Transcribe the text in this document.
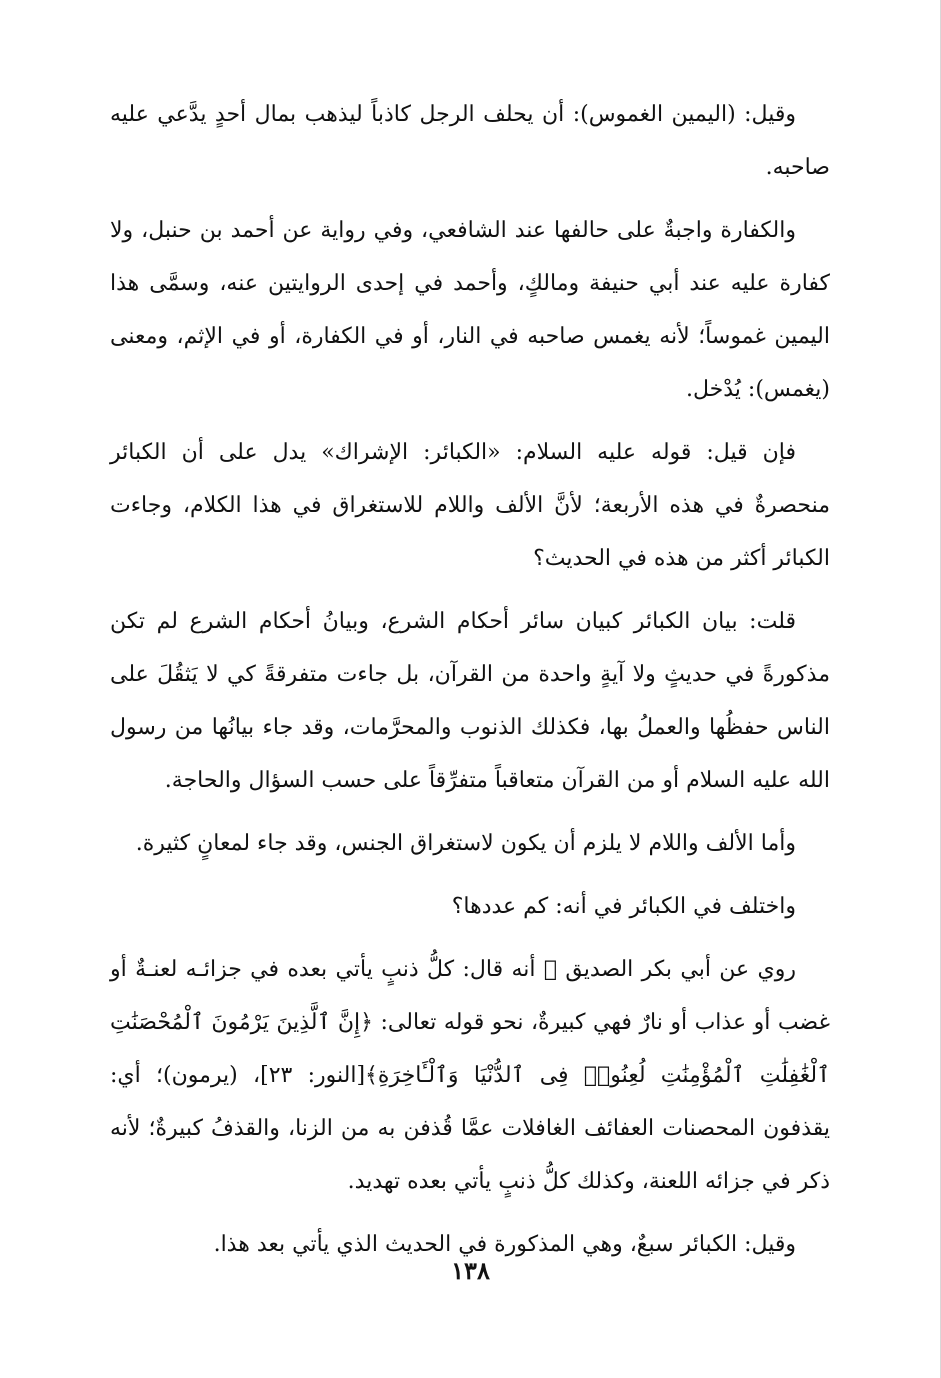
وقيل: (اليمين الغموس): أن يحلف الرجل كاذباً ليذهب بمال أحدٍ يدَّعي عليه صاحبه.

والكفارة واجبةٌ على حالفها عند الشافعي، وفي رواية عن أحمد بن حنبل، ولا كفارة عليه عند أبي حنيفة ومالكٍ، وأحمد في إحدى الروايتين عنه، وسمَّى هذا اليمين غموساً؛ لأنه يغمس صاحبه في النار، أو في الكفارة، أو في الإثم، ومعنى (يغمس): يُدْخل.

فإن قيل: قوله عليه السلام: «الكبائر: الإشراك» يدل على أن الكبائر منحصرةٌ في هذه الأربعة؛ لأنَّ الألف واللام للاستغراق في هذا الكلام، وجاءت الكبائر أكثر من هذه في الحديث؟

قلت: بيان الكبائر كبيان سائر أحكام الشرع، وبيانُ أحكام الشرع لم تكن مذكورةً في حديثٍ ولا آيةٍ واحدة من القرآن، بل جاءت متفرقةً كي لا يَثقُلَ على الناس حفظُها والعملُ بها، فكذلك الذنوب والمحرَّمات، وقد جاء بيانُها من رسول الله عليه السلام أو من القرآن متعاقباً متفرِّقاً على حسب السؤال والحاجة.

وأما الألف واللام لا يلزم أن يكون لاستغراق الجنس، وقد جاء لمعانٍ كثيرة.

واختلف في الكبائر في أنه: كم عددها؟

روي عن أبي بكر الصديق ﷺ أنه قال: كلُّ ذنبٍ يأتي بعده في جزائـه لعنـةٌ أو غضب أو عذاب أو نارٌ فهي كبيرةٌ، نحو قوله تعالى: ﴿إِنَّ ٱلَّذِينَ يَرْمُونَ ٱلْمُحْصَنَٰتِ ٱلْغَٰفِلَٰتِ ٱلْمُؤْمِنَٰتِ لُعِنُوا۟ فِى ٱلدُّنْيَا وَٱلْـَٔاخِرَةِ﴾[النور: ٢٣]، (يرمون)؛ أي: يقذفون المحصنات العفائف الغافلات عمَّا قُذفن به من الزنا، والقذفُ كبيرةٌ؛ لأنه ذكر في جزائه اللعنة، وكذلك كلُّ ذنبٍ يأتي بعده تهديد.

وقيل: الكبائر سبعٌ، وهي المذكورة في الحديث الذي يأتي بعد هذا.

١٣٨
